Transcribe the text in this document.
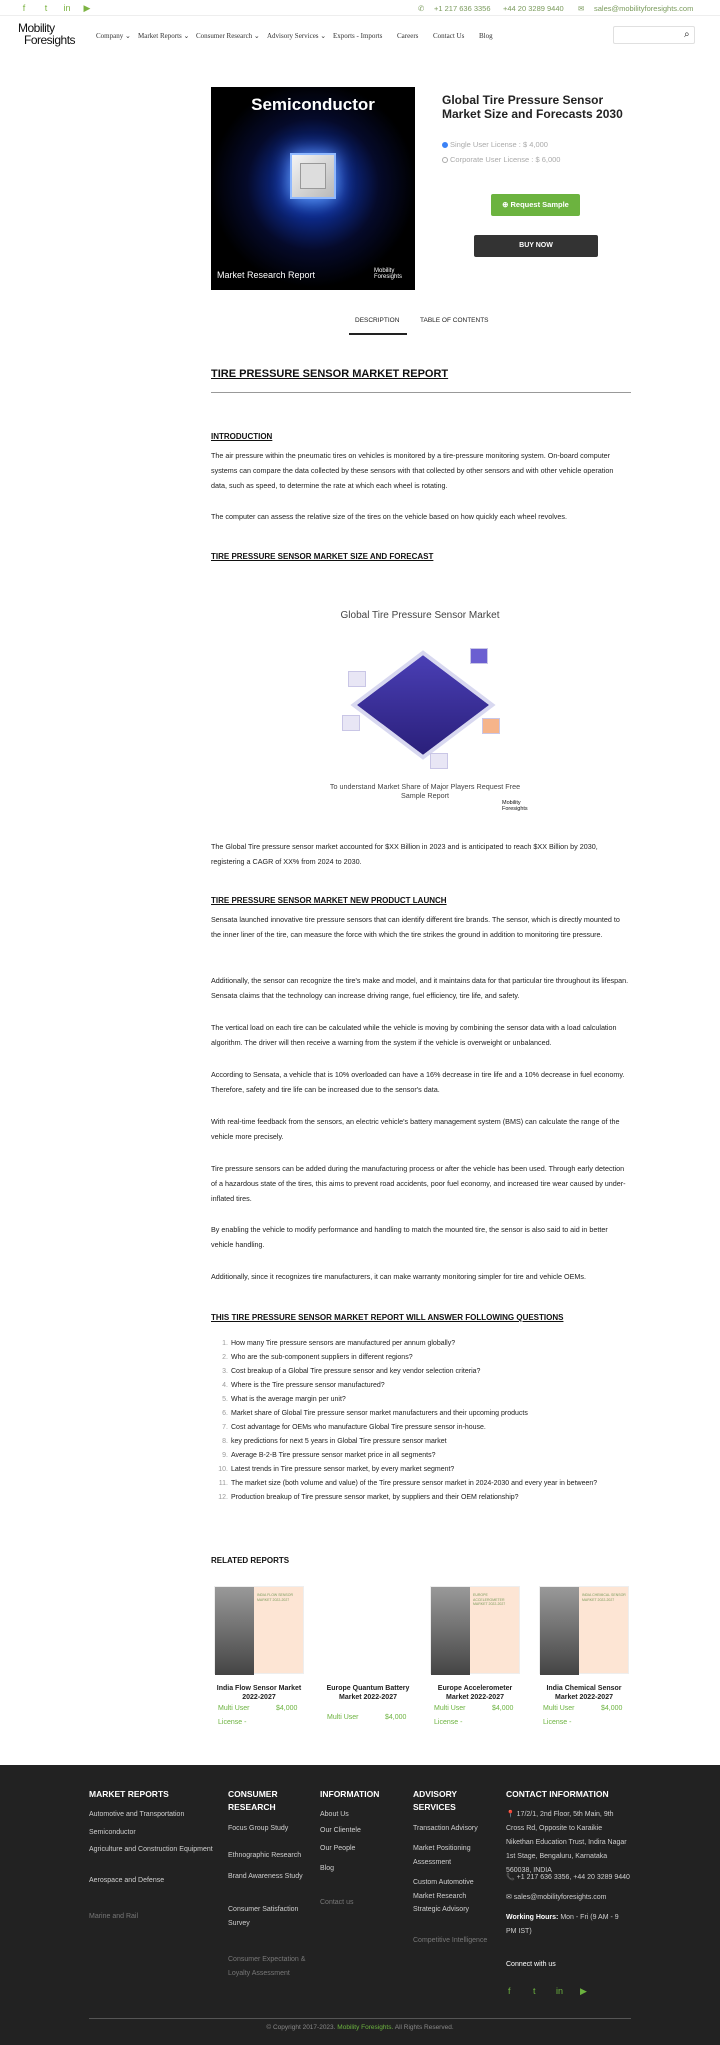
f	t	in ▶	✆ +1 217 636 3356 +44 20 3289 9440 ✉ sales@mobilityforesights.com
Mobility
Foresights	Company ⌄ Market Reports ⌄ Consumer Research ⌄ Advisory Services ⌄ Exports - Imports Careers Contact Us Blog	⌕
Semiconductor
Market Research Report	Mobility
Foresights
Global Tire Pressure Sensor Market Size and Forecasts 2030
Single User License : $ 4,000
Corporate User License : $ 6,000
⊕ Request Sample
BUY NOW
DESCRIPTION	TABLE OF CONTENTS
TIRE PRESSURE SENSOR MARKET REPORT
INTRODUCTION
The air pressure within the pneumatic tires on vehicles is monitored by a tire-pressure monitoring system. On-board computer systems can compare the data collected by these sensors with that collected by other sensors and with other vehicle operation data, such as speed, to determine the rate at which each wheel is rotating.
The computer can assess the relative size of the tires on the vehicle based on how quickly each wheel revolves.
TIRE PRESSURE SENSOR MARKET SIZE AND FORECAST
Global Tire Pressure Sensor Market
To understand Market Share of Major Players Request Free Sample Report
Mobility
Foresights
The Global Tire pressure sensor market accounted for $XX Billion in 2023 and is anticipated to reach $XX Billion by 2030, registering a CAGR of XX% from 2024 to 2030.
TIRE PRESSURE SENSOR MARKET NEW PRODUCT LAUNCH
Sensata launched innovative tire pressure sensors that can identify different tire brands. The sensor, which is directly mounted to the inner liner of the tire, can measure the force with which the tire strikes the ground in addition to monitoring tire pressure.
Additionally, the sensor can recognize the tire's make and model, and it maintains data for that particular tire throughout its lifespan. Sensata claims that the technology can increase driving range, fuel efficiency, tire life, and safety.
The vertical load on each tire can be calculated while the vehicle is moving by combining the sensor data with a load calculation algorithm. The driver will then receive a warning from the system if the vehicle is overweight or unbalanced.
According to Sensata, a vehicle that is 10% overloaded can have a 16% decrease in tire life and a 10% decrease in fuel economy. Therefore, safety and tire life can be increased due to the sensor's data.
With real-time feedback from the sensors, an electric vehicle's battery management system (BMS) can calculate the range of the vehicle more precisely.
Tire pressure sensors can be added during the manufacturing process or after the vehicle has been used. Through early detection of a hazardous state of the tires, this aims to prevent road accidents, poor fuel economy, and increased tire wear caused by under-inflated tires.
By enabling the vehicle to modify performance and handling to match the mounted tire, the sensor is also said to aid in better vehicle handling.
Additionally, since it recognizes tire manufacturers, it can make warranty monitoring simpler for tire and vehicle OEMs.
THIS TIRE PRESSURE SENSOR MARKET REPORT WILL ANSWER FOLLOWING QUESTIONS
1. How many Tire pressure sensors are manufactured per annum globally?
2. Who are the sub-component suppliers in different regions?
3. Cost breakup of a Global Tire pressure sensor and key vendor selection criteria?
4. Where is the Tire pressure sensor manufactured?
5. What is the average margin per unit?
6. Market share of Global Tire pressure sensor market manufacturers and their upcoming products
7. Cost advantage for OEMs who manufacture Global Tire pressure sensor in-house.
8. key predictions for next 5 years in Global Tire pressure sensor market
9. Average B-2-B Tire pressure sensor market price in all segments?
10. Latest trends in Tire pressure sensor market, by every market segment?
11. The market size (both volume and value) of the Tire pressure sensor market in 2024-2030 and every year in between?
12. Production breakup of Tire pressure sensor market, by suppliers and their OEM relationship?
RELATED REPORTS
INDIA FLOW SENSOR MARKET 2022-2027
India Flow Sensor Market 2022-2027
Multi User License -
$4,000
Europe Quantum Battery Market 2022-2027
Multi User	$4,000
EUROPE ACCELEROMETER MARKET 2022-2027
Europe Accelerometer Market 2022-2027
Multi User License -
$4,000
INDIA CHEMICAL SENSOR MARKET 2022-2027
India Chemical Sensor Market 2022-2027
Multi User License -
$4,000
MARKET REPORTS
Automotive and Transportation
Semiconductor
Agriculture and Construction Equipment
Aerospace and Defense
Marine and Rail
CONSUMER RESEARCH
Focus Group Study
Ethnographic Research
Brand Awareness Study
Consumer Satisfaction Survey
Consumer Expectation & Loyalty Assessment
INFORMATION
About Us
Our Clientele
Our People
Blog
Contact us
ADVISORY SERVICES
Transaction Advisory
Market Positioning Assessment
Custom Automotive Market Research
Strategic Advisory
Competitive Intelligence
CONTACT INFORMATION
📍 17/2/1, 2nd Floor, 5th Main, 9th Cross Rd, Opposite to Karaikie Nikethan Education Trust, Indira Nagar 1st Stage, Bengaluru, Karnataka 560038, INDIA
📞 +1 217 636 3356, +44 20 3289 9440
✉ sales@mobilityforesights.com
Working Hours: Mon - Fri (9 AM - 9 PM IST)
Connect with us
f t in ▶
© Copyright 2017-2023. Mobility Foresights. All Rights Reserved.
